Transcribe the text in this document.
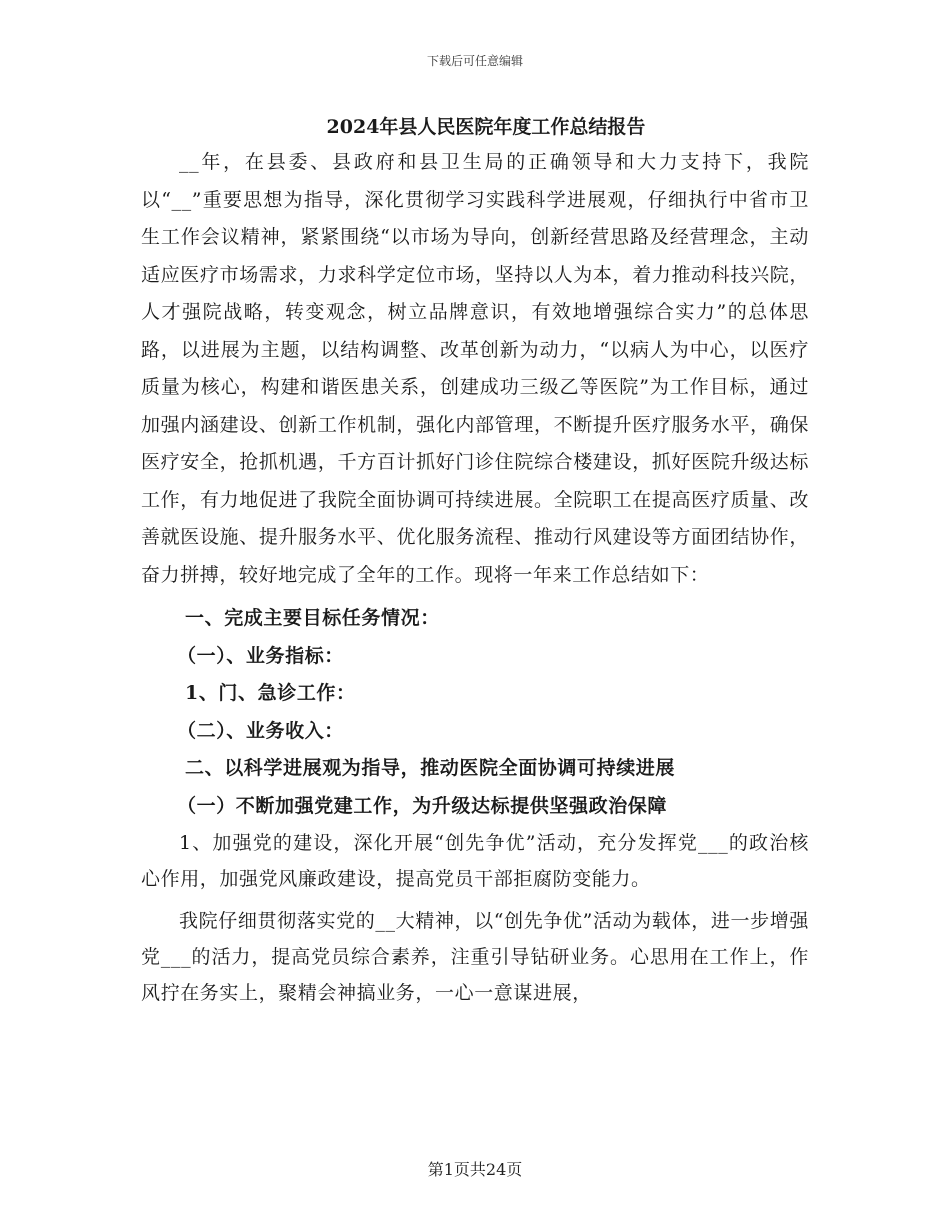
下载后可任意编辑
2024年县人民医院年度工作总结报告

__年，在县委、县政府和县卫生局的正确领导和大力支持下，我院以“__”重要思想为指导，深化贯彻学习实践科学进展观，仔细执行中省市卫生工作会议精神，紧紧围绕“以市场为导向，创新经营思路及经营理念，主动适应医疗市场需求，力求科学定位市场，坚持以人为本，着力推动科技兴院，人才强院战略，转变观念，树立品牌意识，有效地增强综合实力”的总体思路，以进展为主题，以结构调整、改革创新为动力，“以病人为中心，以医疗质量为核心，构建和谐医患关系，创建成功三级乙等医院”为工作目标，通过加强内涵建设、创新工作机制，强化内部管理，不断提升医疗服务水平，确保医疗安全，抢抓机遇，千方百计抓好门诊住院综合楼建设，抓好医院升级达标工作，有力地促进了我院全面协调可持续进展。全院职工在提高医疗质量、改善就医设施、提升服务水平、优化服务流程、推动行风建设等方面团结协作，奋力拼搏，较好地完成了全年的工作。现将一年来工作总结如下：

一、完成主要目标任务情况：
（一）、业务指标：
1、门、急诊工作：
（二）、业务收入：
二、以科学进展观为指导，推动医院全面协调可持续进展
（一）不断加强党建工作，为升级达标提供坚强政治保障

1、加强党的建设，深化开展“创先争优”活动，充分发挥党___的政治核心作用，加强党风廉政建设，提高党员干部拒腐防变能力。

我院仔细贯彻落实党的__大精神，以“创先争优”活动为载体，进一步增强党___的活力，提高党员综合素养，注重引导钻研业务。心思用在工作上，作风拧在务实上，聚精会神搞业务，一心一意谋进展，

第1页共24页
